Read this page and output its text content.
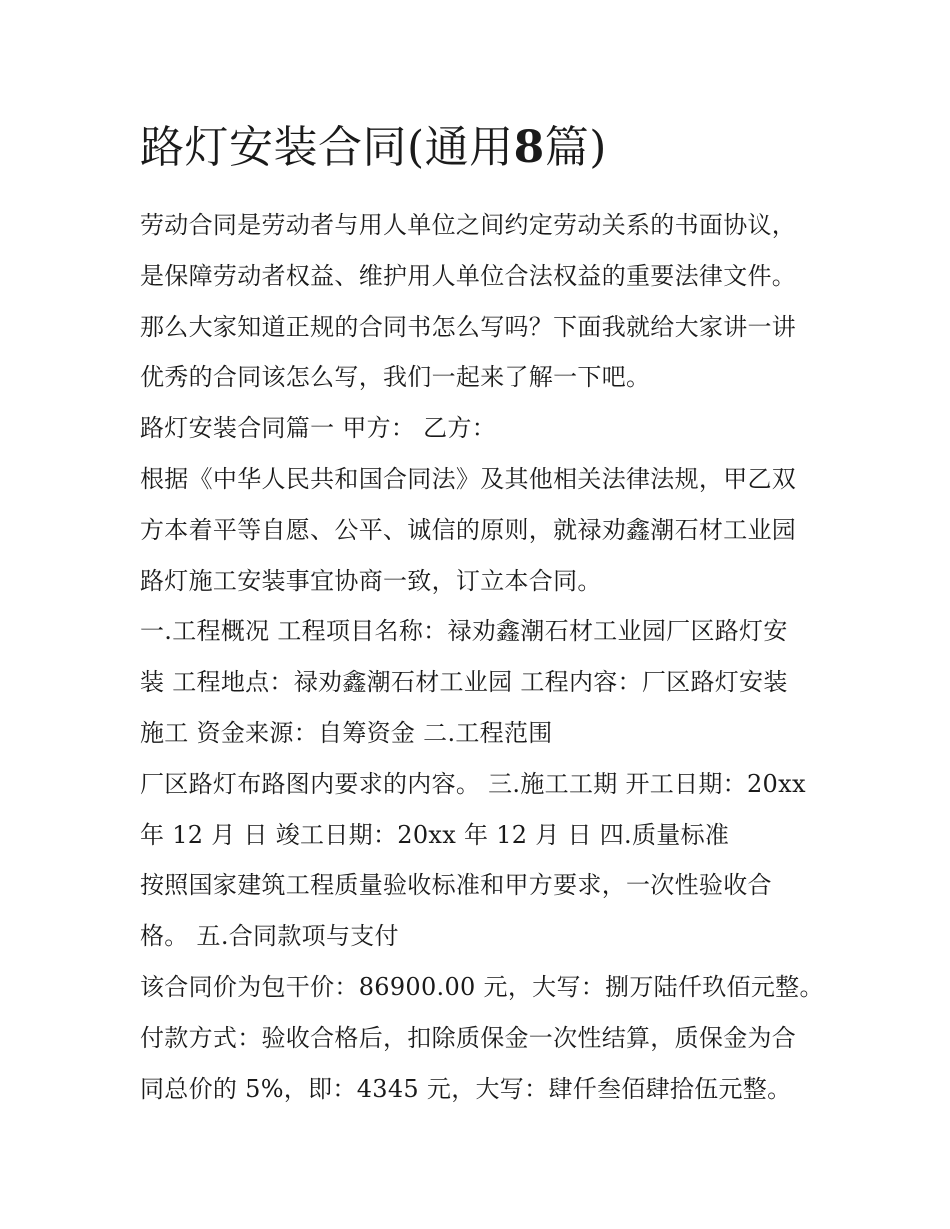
路灯安装合同(通用8篇)
劳动合同是劳动者与用人单位之间约定劳动关系的书面协议，
是保障劳动者权益、维护用人单位合法权益的重要法律文件。
那么大家知道正规的合同书怎么写吗？下面我就给大家讲一讲
优秀的合同该怎么写，我们一起来了解一下吧。
路灯安装合同篇一 甲方： 乙方：
根据《中华人民共和国合同法》及其他相关法律法规，甲乙双
方本着平等自愿、公平、诚信的原则，就禄劝鑫潮石材工业园
路灯施工安装事宜协商一致，订立本合同。
一.工程概况 工程项目名称：禄劝鑫潮石材工业园厂区路灯安
装 工程地点：禄劝鑫潮石材工业园 工程内容：厂区路灯安装
施工 资金来源：自筹资金 二.工程范围
厂区路灯布路图内要求的内容。 三.施工工期 开工日期：20xx
年 12 月 日 竣工日期：20xx 年 12 月 日 四.质量标准
按照国家建筑工程质量验收标准和甲方要求，一次性验收合
格。 五.合同款项与支付
该合同价为包干价：86900.00 元，大写：捌万陆仟玖佰元整。
付款方式：验收合格后，扣除质保金一次性结算，质保金为合
同总价的 5%，即：4345 元，大写：肆仟叁佰肆拾伍元整。
